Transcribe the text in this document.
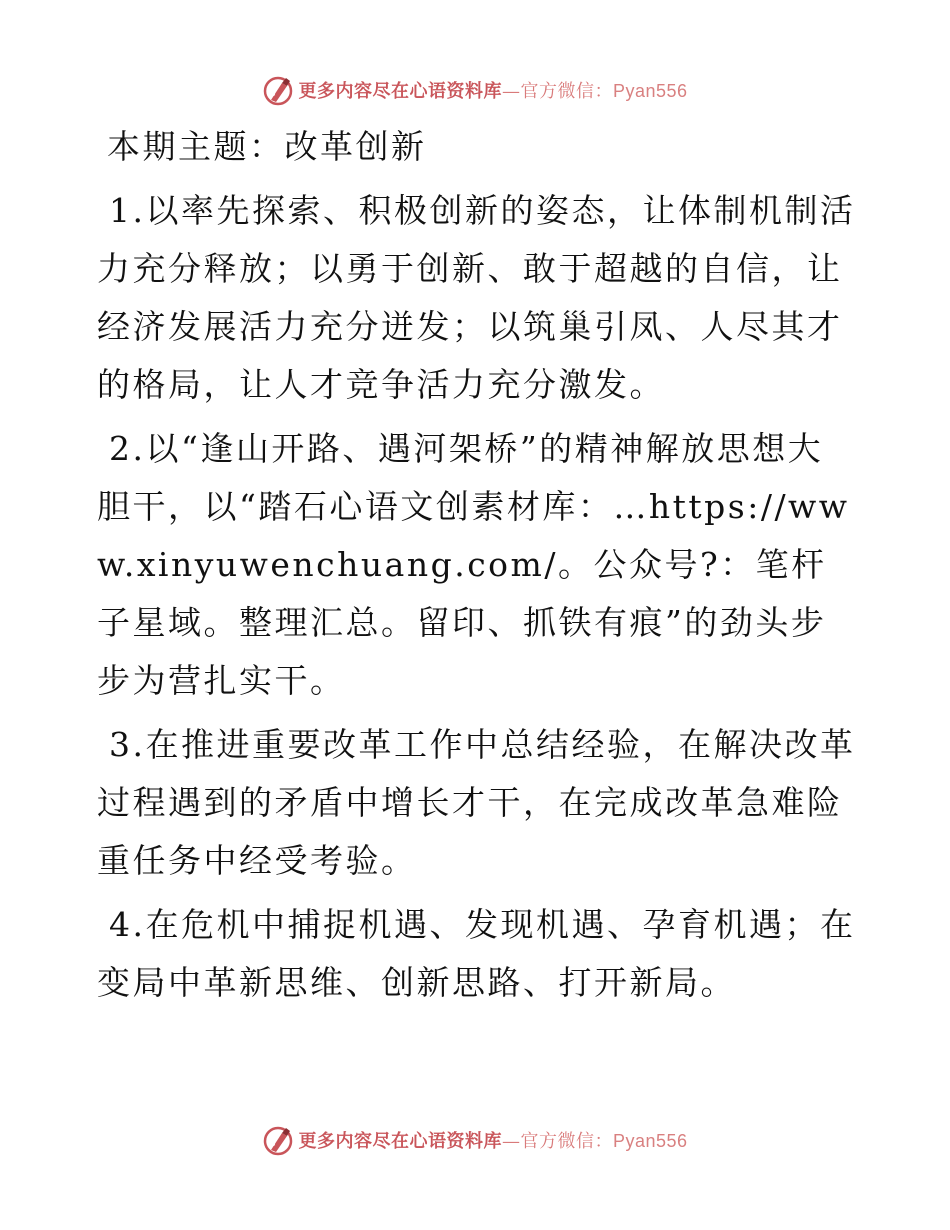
更多内容尽在心语资料库—官方微信：Pyan556
本期主题：改革创新

1.以率先探索、积极创新的姿态，让体制机制活力充分释放；以勇于创新、敢于超越的自信，让经济发展活力充分迸发；以筑巢引凤、人尽其才的格局，让人才竞争活力充分激发。

2.以“逢山开路、遇河架桥”的精神解放思想大胆干，以“踏石心语文创素材库：…https://www.xinyuwenchuang.com/。公众号?：笔杆子星域。整理汇总。留印、抓铁有痕”的劲头步步为营扎实干。

3.在推进重要改革工作中总结经验，在解决改革过程遇到的矛盾中增长才干，在完成改革急难险重任务中经受考验。

4.在危机中捕捉机遇、发现机遇、孕育机遇；在变局中革新思维、创新思路、打开新局。

更多内容尽在心语资料库—官方微信：Pyan556
